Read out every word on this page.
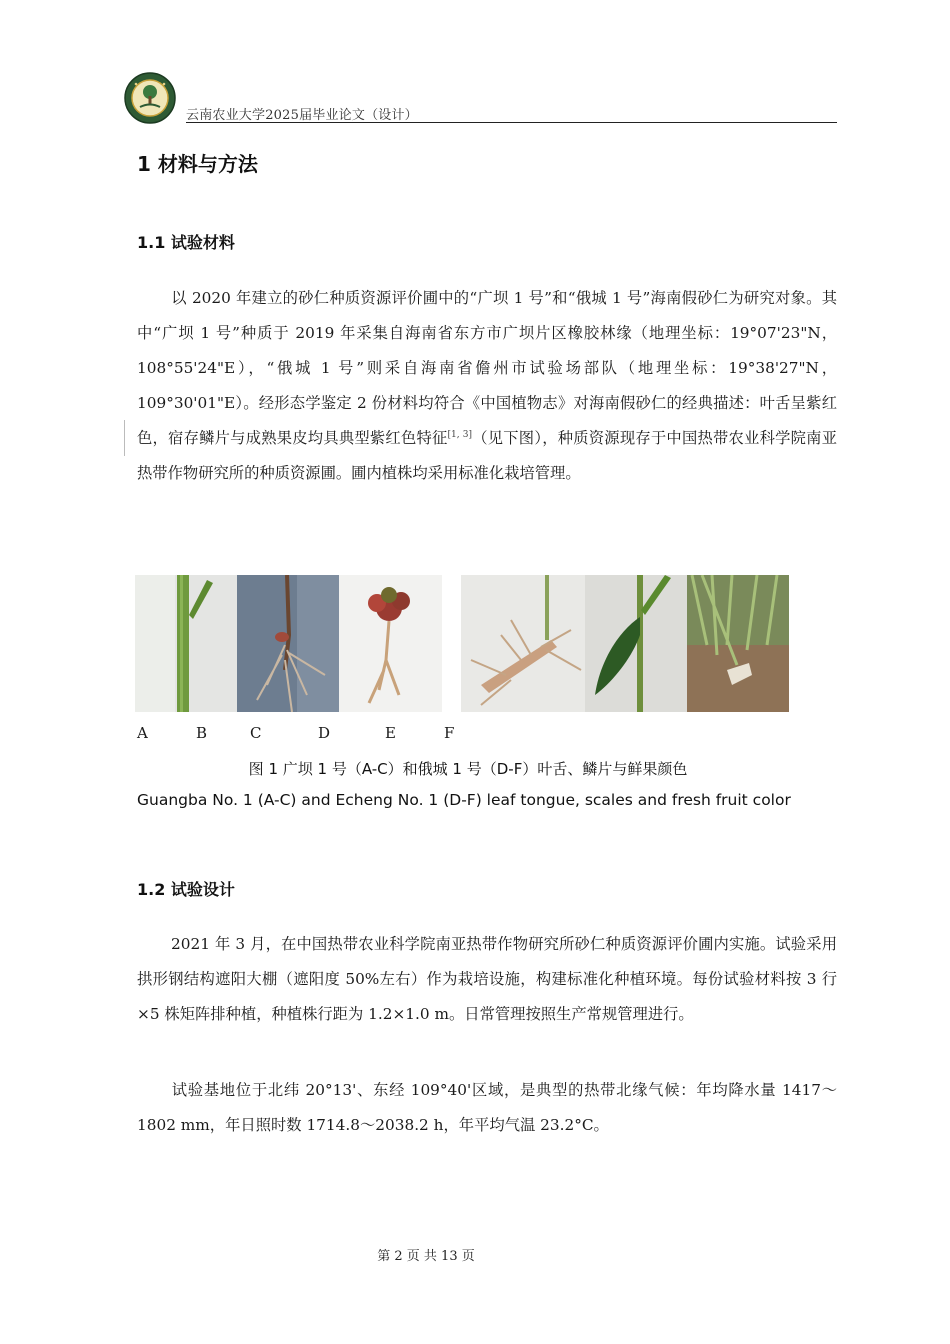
云南农业大学2025届毕业论文（设计）
1 材料与方法
1.1 试验材料

以 2020 年建立的砂仁种质资源评价圃中的“广坝 1 号”和“俄城 1 号”海南假砂仁为研究对象。其中“广坝 1 号”种质于 2019 年采集自海南省东方市广坝片区橡胶林缘（地理坐标：19°07'23"N，108°55'24"E），“俄城 1 号”则采自海南省儋州市试验场部队（地理坐标：19°38'27"N，109°30'01"E）。经形态学鉴定 2 份材料均符合《中国植物志》对海南假砂仁的经典描述：叶舌呈紫红色，宿存鳞片与成熟果皮均具典型紫红色特征[1, 3]（见下图），种质资源现存于中国热带农业科学院南亚热带作物研究所的种质资源圃。圃内植株均采用标准化栽培管理。

A	B	C	D	E	F
图 1 广坝 1 号（A-C）和俄城 1 号（D-F）叶舌、鳞片与鲜果颜色
Guangba No. 1 (A-C) and Echeng No. 1 (D-F) leaf tongue, scales and fresh fruit color
1.2 试验设计

2021 年 3 月，在中国热带农业科学院南亚热带作物研究所砂仁种质资源评价圃内实施。试验采用拱形钢结构遮阳大棚（遮阳度 50%左右）作为栽培设施，构建标准化种植环境。每份试验材料按 3 行×5 株矩阵排种植，种植株行距为 1.2×1.0 m。日常管理按照生产常规管理进行。

试验基地位于北纬 20°13'、东经 109°40'区域，是典型的热带北缘气候：年均降水量 1417～1802 mm，年日照时数 1714.8～2038.2 h，年平均气温 23.2°C。

第 2 页 共 13 页
